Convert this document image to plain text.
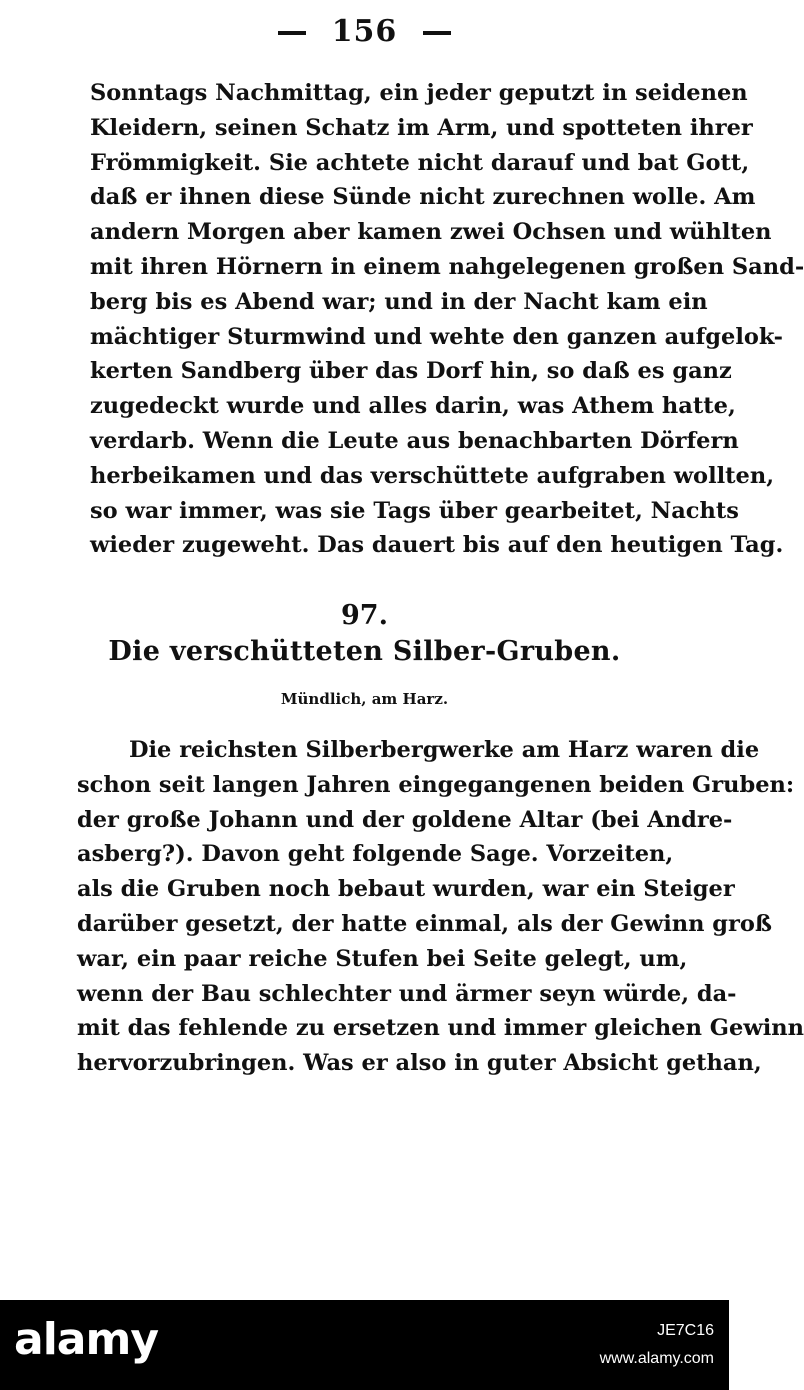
156
Sonntags Nachmittag, ein jeder geputzt in seidenen
Kleidern, seinen Schatz im Arm, und spotteten ihrer
Frömmigkeit. Sie achtete nicht darauf und bat Gott,
daß er ihnen diese Sünde nicht zurechnen wolle. Am
andern Morgen aber kamen zwei Ochsen und wühlten
mit ihren Hörnern in einem nahgelegenen großen Sand-
berg bis es Abend war; und in der Nacht kam ein
mächtiger Sturmwind und wehte den ganzen aufgelok-
kerten Sandberg über das Dorf hin, so daß es ganz
zugedeckt wurde und alles darin, was Athem hatte,
verdarb. Wenn die Leute aus benachbarten Dörfern
herbeikamen und das verschüttete aufgraben wollten,
so war immer, was sie Tags über gearbeitet, Nachts
wieder zugeweht. Das dauert bis auf den heutigen Tag.
97.
Die verschütteten Silber-Gruben.
Mündlich, am Harz.
Die reichsten Silberbergwerke am Harz waren die
schon seit langen Jahren eingegangenen beiden Gruben:
der große Johann und der goldene Altar (bei Andre-
asberg?). Davon geht folgende Sage. Vorzeiten,
als die Gruben noch bebaut wurden, war ein Steiger
darüber gesetzt, der hatte einmal, als der Gewinn groß
war, ein paar reiche Stufen bei Seite gelegt, um,
wenn der Bau schlechter und ärmer seyn würde, da-
mit das fehlende zu ersetzen und immer gleichen Gewinn
hervorzubringen. Was er also in guter Absicht gethan,
alamy	JE7C16
www.alamy.com
